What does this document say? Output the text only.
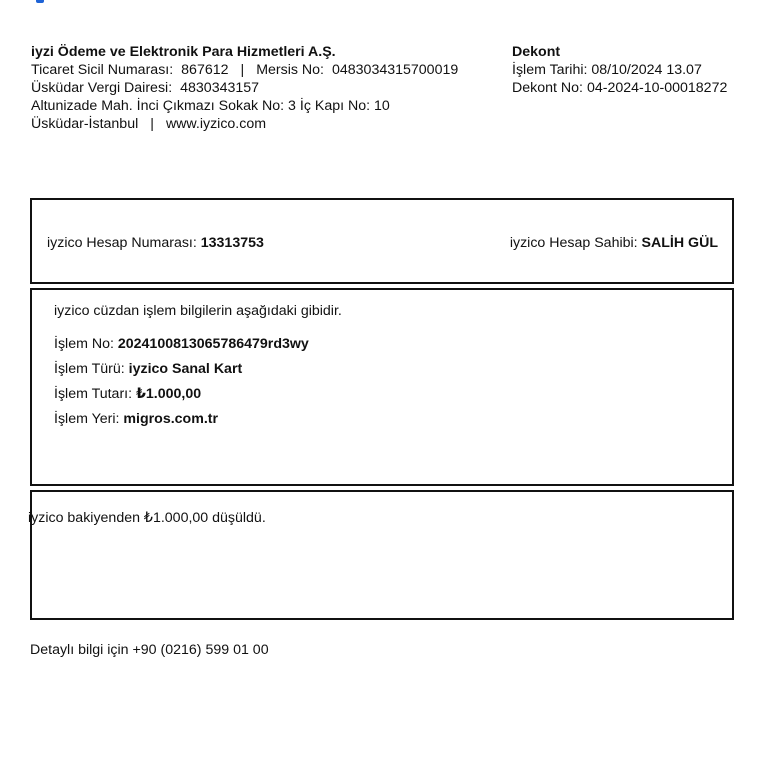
iyzi Ödeme ve Elektronik Para Hizmetleri A.Ş.
Ticaret Sicil Numarası: 867612 | Mersis No: 0483034315700019
Üsküdar Vergi Dairesi: 4830343157
Altunizade Mah. İnci Çıkmazı Sokak No: 3 İç Kapı No: 10
Üsküdar-İstanbul | www.iyzico.com
Dekont
İşlem Tarihi: 08/10/2024 13.07
Dekont No: 04-2024-10-00018272
iyzico Hesap Numarası: 13313753	iyzico Hesap Sahibi: SALİH GÜL
iyzico cüzdan işlem bilgilerin aşağıdaki gibidir.
İşlem No: 2024100813065786479rd3wy
İşlem Türü: iyzico Sanal Kart
İşlem Tutarı: ₺1.000,00
İşlem Yeri: migros.com.tr
iyzico bakiyenden ₺1.000,00 düşüldü.
Detaylı bilgi için +90 (0216) 599 01 00
